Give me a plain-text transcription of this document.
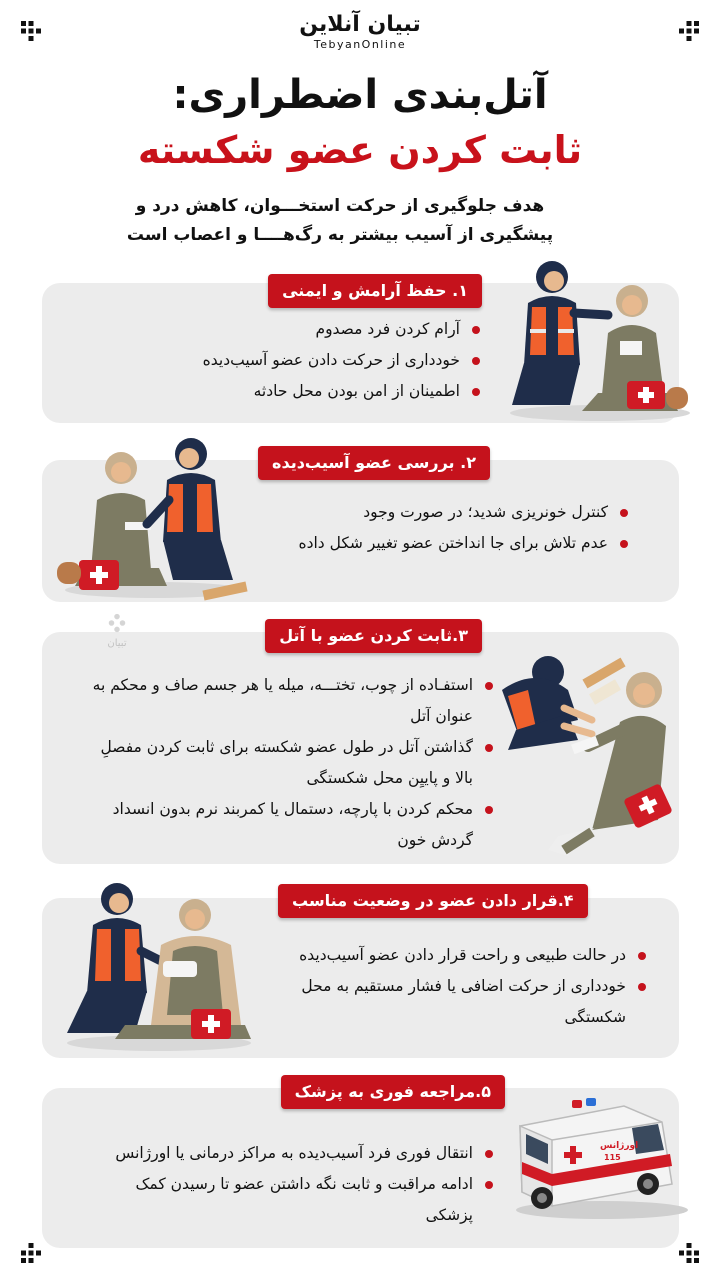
تبیان آنلاین
TebyanOnline
آتل‌بندی اضطراری:
ثابت کردن عضو شکسته
هدف جلوگیری از حرکت استخـــوان، کاهش درد و
پیشگیری از آسیب بیشتر به رگ‌هــــا و اعصاب است
۱. حفظ آرامش و ایمنی
آرام کردن فرد مصدوم
خودداری از حرکت دادن عضو آسیب‌دیده
اطمینان از امن بودن محل حادثه
۲. بررسی عضو آسیب‌دیده
کنترل خونریزی شدید؛ در صورت وجود
عدم تلاش برای جا انداختن عضو تغییر شکل داده
۳.ثابت کردن عضو با آتل
استفـاده از چوب، تختـــه، میله یا هر جسم صاف و محکم به عنوان آتل
گذاشتن آتل در طول عضو شکسته برای ثابت کردن مفصلِ بالا و پاییِن محل شکستگی
محکم کردن با پارچه، دستمال یا کمربند نرم بدون انسداد گردش خون
تبیان
۴.قرار دادن عضو در وضعیت مناسب
در حالت طبیعی و راحت قرار دادن عضو آسیب‌دیده
خودداری از حرکت اضافی یا فشار مستقیم به محل شکستگی
۵.مراجعه فوری به پزشک
انتقال فوری فرد آسیب‌دیده به مراکز درمانی یا اورژانس
ادامه مراقبت و ثابت نگه داشتن عضو تا رسیدن کمک پزشکی
اورژانس
115
